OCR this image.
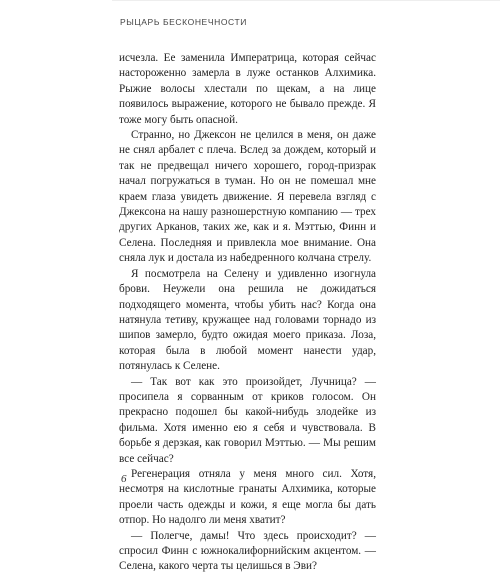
РЫЦАРЬ БЕСКОНЕЧНОСТИ

исчезла. Ее заменила Императрица, которая сейчас настороженно замерла в луже останков Алхимика. Рыжие волосы хлестали по щекам, а на лице появилось выражение, которого не бывало прежде. Я тоже могу быть опасной.

Странно, но Джексон не целился в меня, он даже не снял арбалет с плеча. Вслед за дождем, который и так не предвещал ничего хорошего, город-призрак начал погружаться в туман. Но он не помешал мне краем глаза увидеть движение. Я перевела взгляд с Джексона на нашу разношерстную компанию — трех других Арканов, таких же, как и я. Мэттью, Финн и Селена. Последняя и привлекла мое внимание. Она сняла лук и достала из набедренного колчана стрелу.

Я посмотрела на Селену и удивленно изогнула брови. Неужели она решила не дожидаться подходящего момента, чтобы убить нас? Когда она натянула тетиву, кружащее над головами торнадо из шипов замерло, будто ожидая моего приказа. Лоза, которая была в любой момент нанести удар, потянулась к Селене.

— Так вот как это произойдет, Лучница? — просипела я сорванным от криков голосом. Он прекрасно подошел бы какой-нибудь злодейке из фильма. Хотя именно ею я себя и чувствовала. В борьбе я дерзкая, как говорил Мэттью. — Мы решим все сейчас?

Регенерация отняла у меня много сил. Хотя, несмотря на кислотные гранаты Алхимика, которые проели часть одежды и кожи, я еще могла бы дать отпор. Но надолго ли меня хватит?

— Полегче, дамы! Что здесь происходит? — спросил Финн с южнокалифорнийским акцентом. — Селена, какого черта ты целишься в Эви?

6
